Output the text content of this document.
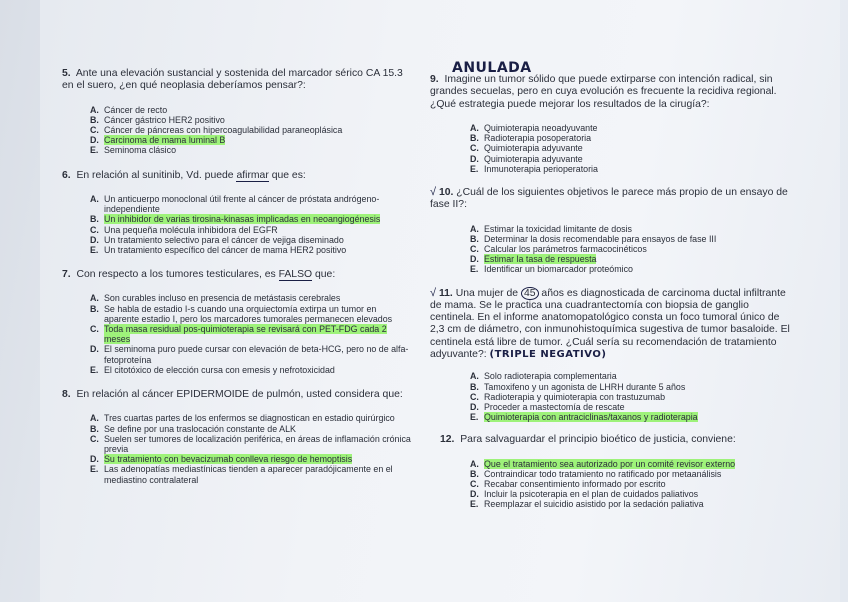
5. Ante una elevación sustancial y sostenida del marcador sérico CA 15.3 en el suero, ¿en qué neoplasia deberíamos pensar?:

A. Cáncer de recto
B. Cáncer gástrico HER2 positivo
C. Cáncer de páncreas con hipercoagulabilidad paraneoplásica
D. Carcinoma de mama luminal B
E. Seminoma clásico

6. En relación al sunitinib, Vd. puede afirmar que es:

A. Un anticuerpo monoclonal útil frente al cáncer de próstata andrógeno-independiente
B. Un inhibidor de varias tirosina-kinasas implicadas en neoangiogénesis
C. Una pequeña molécula inhibidora del EGFR
D. Un tratamiento selectivo para el cáncer de vejiga diseminado
E. Un tratamiento específico del cáncer de mama HER2 positivo

7. Con respecto a los tumores testiculares, es FALSO que:

A. Son curables incluso en presencia de metástasis cerebrales
B. Se habla de estadio I-s cuando una orquiectomía extirpa un tumor en aparente estadio I, pero los marcadores tumorales permanecen elevados
C. Toda masa residual pos-quimioterapia se revisará con PET-FDG cada 2 meses
D. El seminoma puro puede cursar con elevación de beta-HCG, pero no de alfa-fetoproteína
E. El citotóxico de elección cursa con emesis y nefrotoxicidad

8. En relación al cáncer EPIDERMOIDE de pulmón, usted considera que:

A. Tres cuartas partes de los enfermos se diagnostican en estadio quirúrgico
B. Se define por una traslocación constante de ALK
C. Suelen ser tumores de localización periférica, en áreas de inflamación crónica previa
D. Su tratamiento con bevacizumab conlleva riesgo de hemoptisis
E. Las adenopatías mediastínicas tienden a aparecer paradójicamente en el mediastino contralateral
ANULADA

9. Imagine un tumor sólido que puede extirparse con intención radical, sin grandes secuelas, pero en cuya evolución es frecuente la recidiva regional. ¿Qué estrategia puede mejorar los resultados de la cirugía?:

A. Quimioterapia neoadyuvante
B. Radioterapia posoperatoria
C. Quimioterapia adyuvante
D. Quimioterapia adyuvante
E. Inmunoterapia perioperatoria

√ 10. ¿Cuál de los siguientes objetivos le parece más propio de un ensayo de fase II?:

A. Estimar la toxicidad limitante de dosis
B. Determinar la dosis recomendable para ensayos de fase III
C. Calcular los parámetros farmacocinéticos
D. Estimar la tasa de respuesta
E. Identificar un biomarcador proteómico

√ 11. Una mujer de 45 años es diagnosticada de carcinoma ductal infiltrante de mama. Se le practica una cuadrantectomía con biopsia de ganglio centinela. En el informe anatomopatológico consta un foco tumoral único de 2,3 cm de diámetro, con inmunohistoquímica sugestiva de tumor basaloide. El centinela está libre de tumor. ¿Cuál sería su recomendación de tratamiento adyuvante?: (TRIPLE NEGATIVO)

A. Solo radioterapia complementaria
B. Tamoxifeno y un agonista de LHRH durante 5 años
C. Radioterapia y quimioterapia con trastuzumab
D. Proceder a mastectomía de rescate
E. Quimioterapia con antraciclinas/taxanos y radioterapia

12. Para salvaguardar el principio bioético de justicia, conviene:

A. Que el tratamiento sea autorizado por un comité revisor externo
B. Contraindicar todo tratamiento no ratificado por metaanálisis
C. Recabar consentimiento informado por escrito
D. Incluir la psicoterapia en el plan de cuidados paliativos
E. Reemplazar el suicidio asistido por la sedación paliativa
